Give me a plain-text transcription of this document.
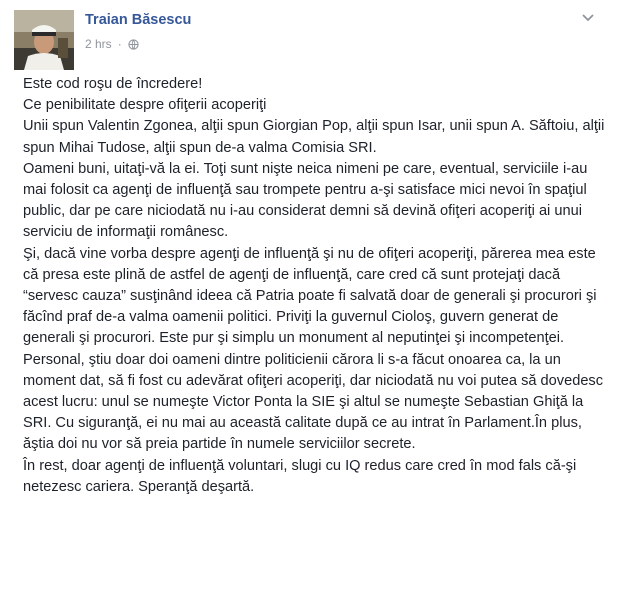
Traian Băsescu
2 hrs ·

Este cod roşu de încredere!

Ce penibilitate despre ofiţerii acoperiţi

Unii spun Valentin Zgonea, alţii spun Giorgian Pop, alţii spun Isar, unii spun A. Săftoiu, alţii spun Mihai Tudose, alţii spun de-a valma Comisia SRI.

Oameni buni, uitaţi-vă la ei. Toţi sunt nişte neica nimeni pe care, eventual, serviciile i-au mai folosit ca agenţi de influenţă sau trompete pentru a-şi satisface mici nevoi în spaţiul public, dar pe care niciodată nu i-au considerat demni să devină ofiţeri acoperiţi ai unui serviciu de informaţii românesc.

Şi, dacă vine vorba despre agenţi de influenţă şi nu de ofiţeri acoperiţi, părerea mea este că presa este plină de astfel de agenţi de influenţă, care cred că sunt protejaţi dacă “servesc cauza” susţinând ideea că Patria poate fi salvată doar de generali şi procurori şi făcînd praf de-a valma oamenii politici. Priviţi la guvernul Cioloş, guvern generat de generali şi procurori. Este pur şi simplu un monument al neputinţei şi incompetenţei.

Personal, ştiu doar doi oameni dintre politicienii cărora li s-a făcut onoarea ca, la un moment dat, să fi fost cu adevărat ofiţeri acoperiţi, dar niciodată nu voi putea să dovedesc acest lucru: unul se numeşte Victor Ponta la SIE şi altul se numeşte Sebastian Ghiţă la SRI. Cu siguranţă, ei nu mai au această calitate după ce au intrat în Parlament.În plus, ăştia doi nu vor să preia partide în numele serviciilor secrete.

În rest, doar agenţi de influenţă voluntari, slugi cu IQ redus care cred în mod fals că-şi netezesc cariera. Speranţă deşartă.
